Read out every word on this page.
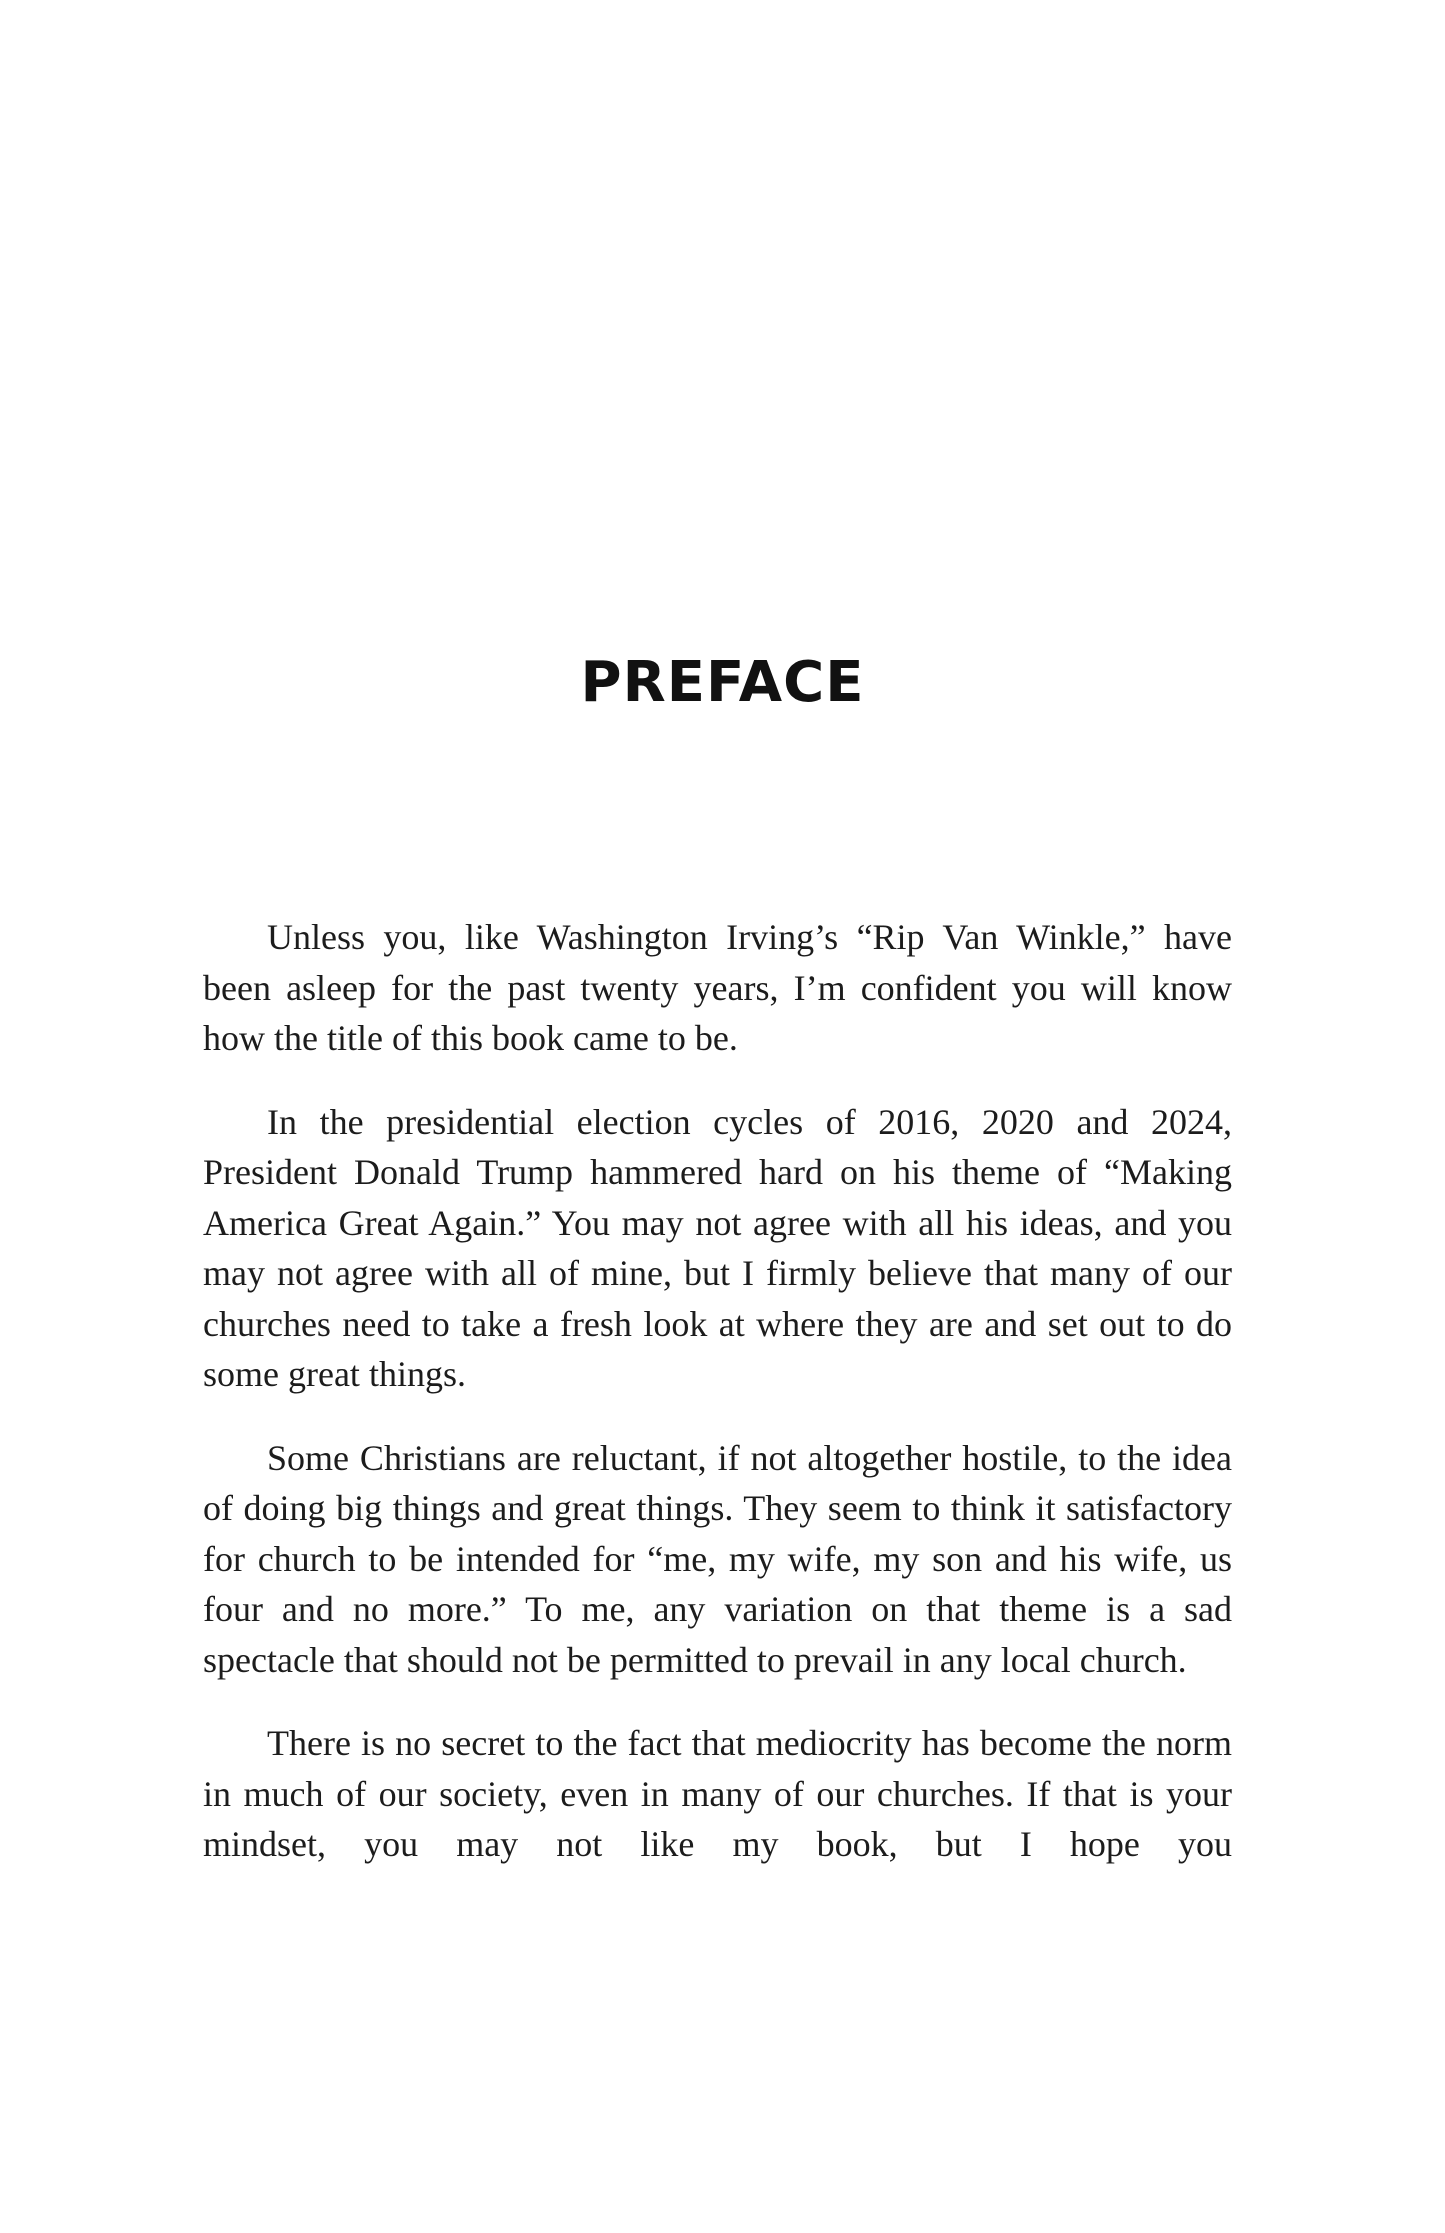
PREFACE

Unless you, like Washington Irving’s “Rip Van Winkle,” have been asleep for the past twenty years, I’m confident you will know how the title of this book came to be.

In the presidential election cycles of 2016, 2020 and 2024, President Donald Trump hammered hard on his theme of “Making America Great Again.” You may not agree with all his ideas, and you may not agree with all of mine, but I firmly believe that many of our churches need to take a fresh look at where they are and set out to do some great things.

Some Christians are reluctant, if not altogether hostile, to the idea of doing big things and great things. They seem to think it satisfactory for church to be intended for “me, my wife, my son and his wife, us four and no more.” To me, any variation on that theme is a sad spectacle that should not be permitted to prevail in any local church.

There is no secret to the fact that mediocrity has become the norm in much of our society, even in many of our churches. If that is your mindset, you may not like my book, but I hope you
